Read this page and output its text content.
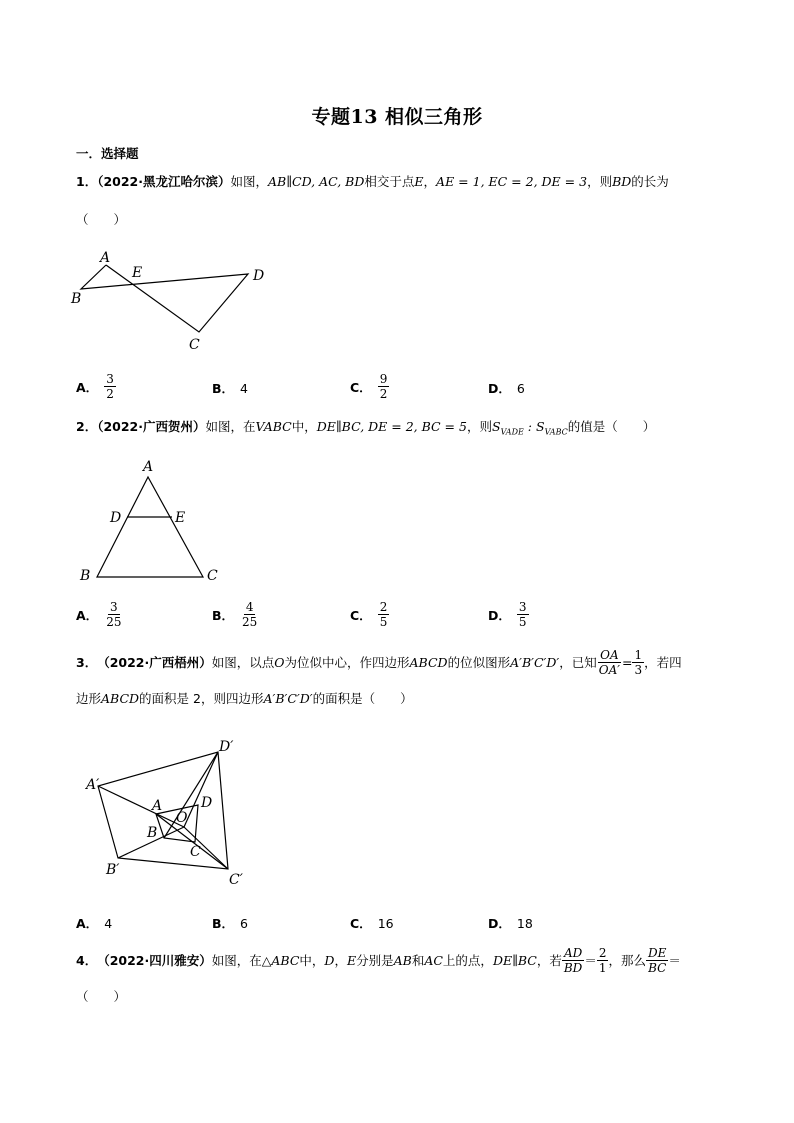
专题13 相似三角形
一．选择题
1．（2022·黑龙江哈尔滨）如图，AB∥CD, AC, BD相交于点E，AE = 1, EC = 2, DE = 3，则BD的长为
（　　）
A
B
C
D
E
A． $\frac{3}{2}$	B． 4	C． $\frac{9}{2}$	D． 6
2．（2022·广西贺州）如图，在VABC中，DE∥BC, DE = 2, BC = 5，则$S_{VADE}$ : $S_{VABC}$的值是（　　）
A
B	C
D	E
A． $\frac{3}{25}$	B． $\frac{4}{25}$	C． $\frac{2}{5}$	D． $\frac{3}{5}$
3． （2022·广西梧州） 如图，以点 O 为位似中心，作四边形 ABCD 的位似图形 A′B′C′D′ ，已知 $\frac{OA}{OA'} = \frac{1}{3}$ ，若四
边形ABCD的面积是 2，则四边形A′B′C′D′的面积是（　　）
A′
B′
C′
D′
A
B
C
D
O
A． 4	B． 6	C． 16	D． 18
4． （2022·四川雅安） 如图，在△ ABC 中， D ， E 分别是 AB 和 AC 上的点， DE∥BC ，若 $\frac{AD}{BD} = \frac{2}{1}$ ，那么 $\frac{DE}{BC}$ ＝
（　　）
